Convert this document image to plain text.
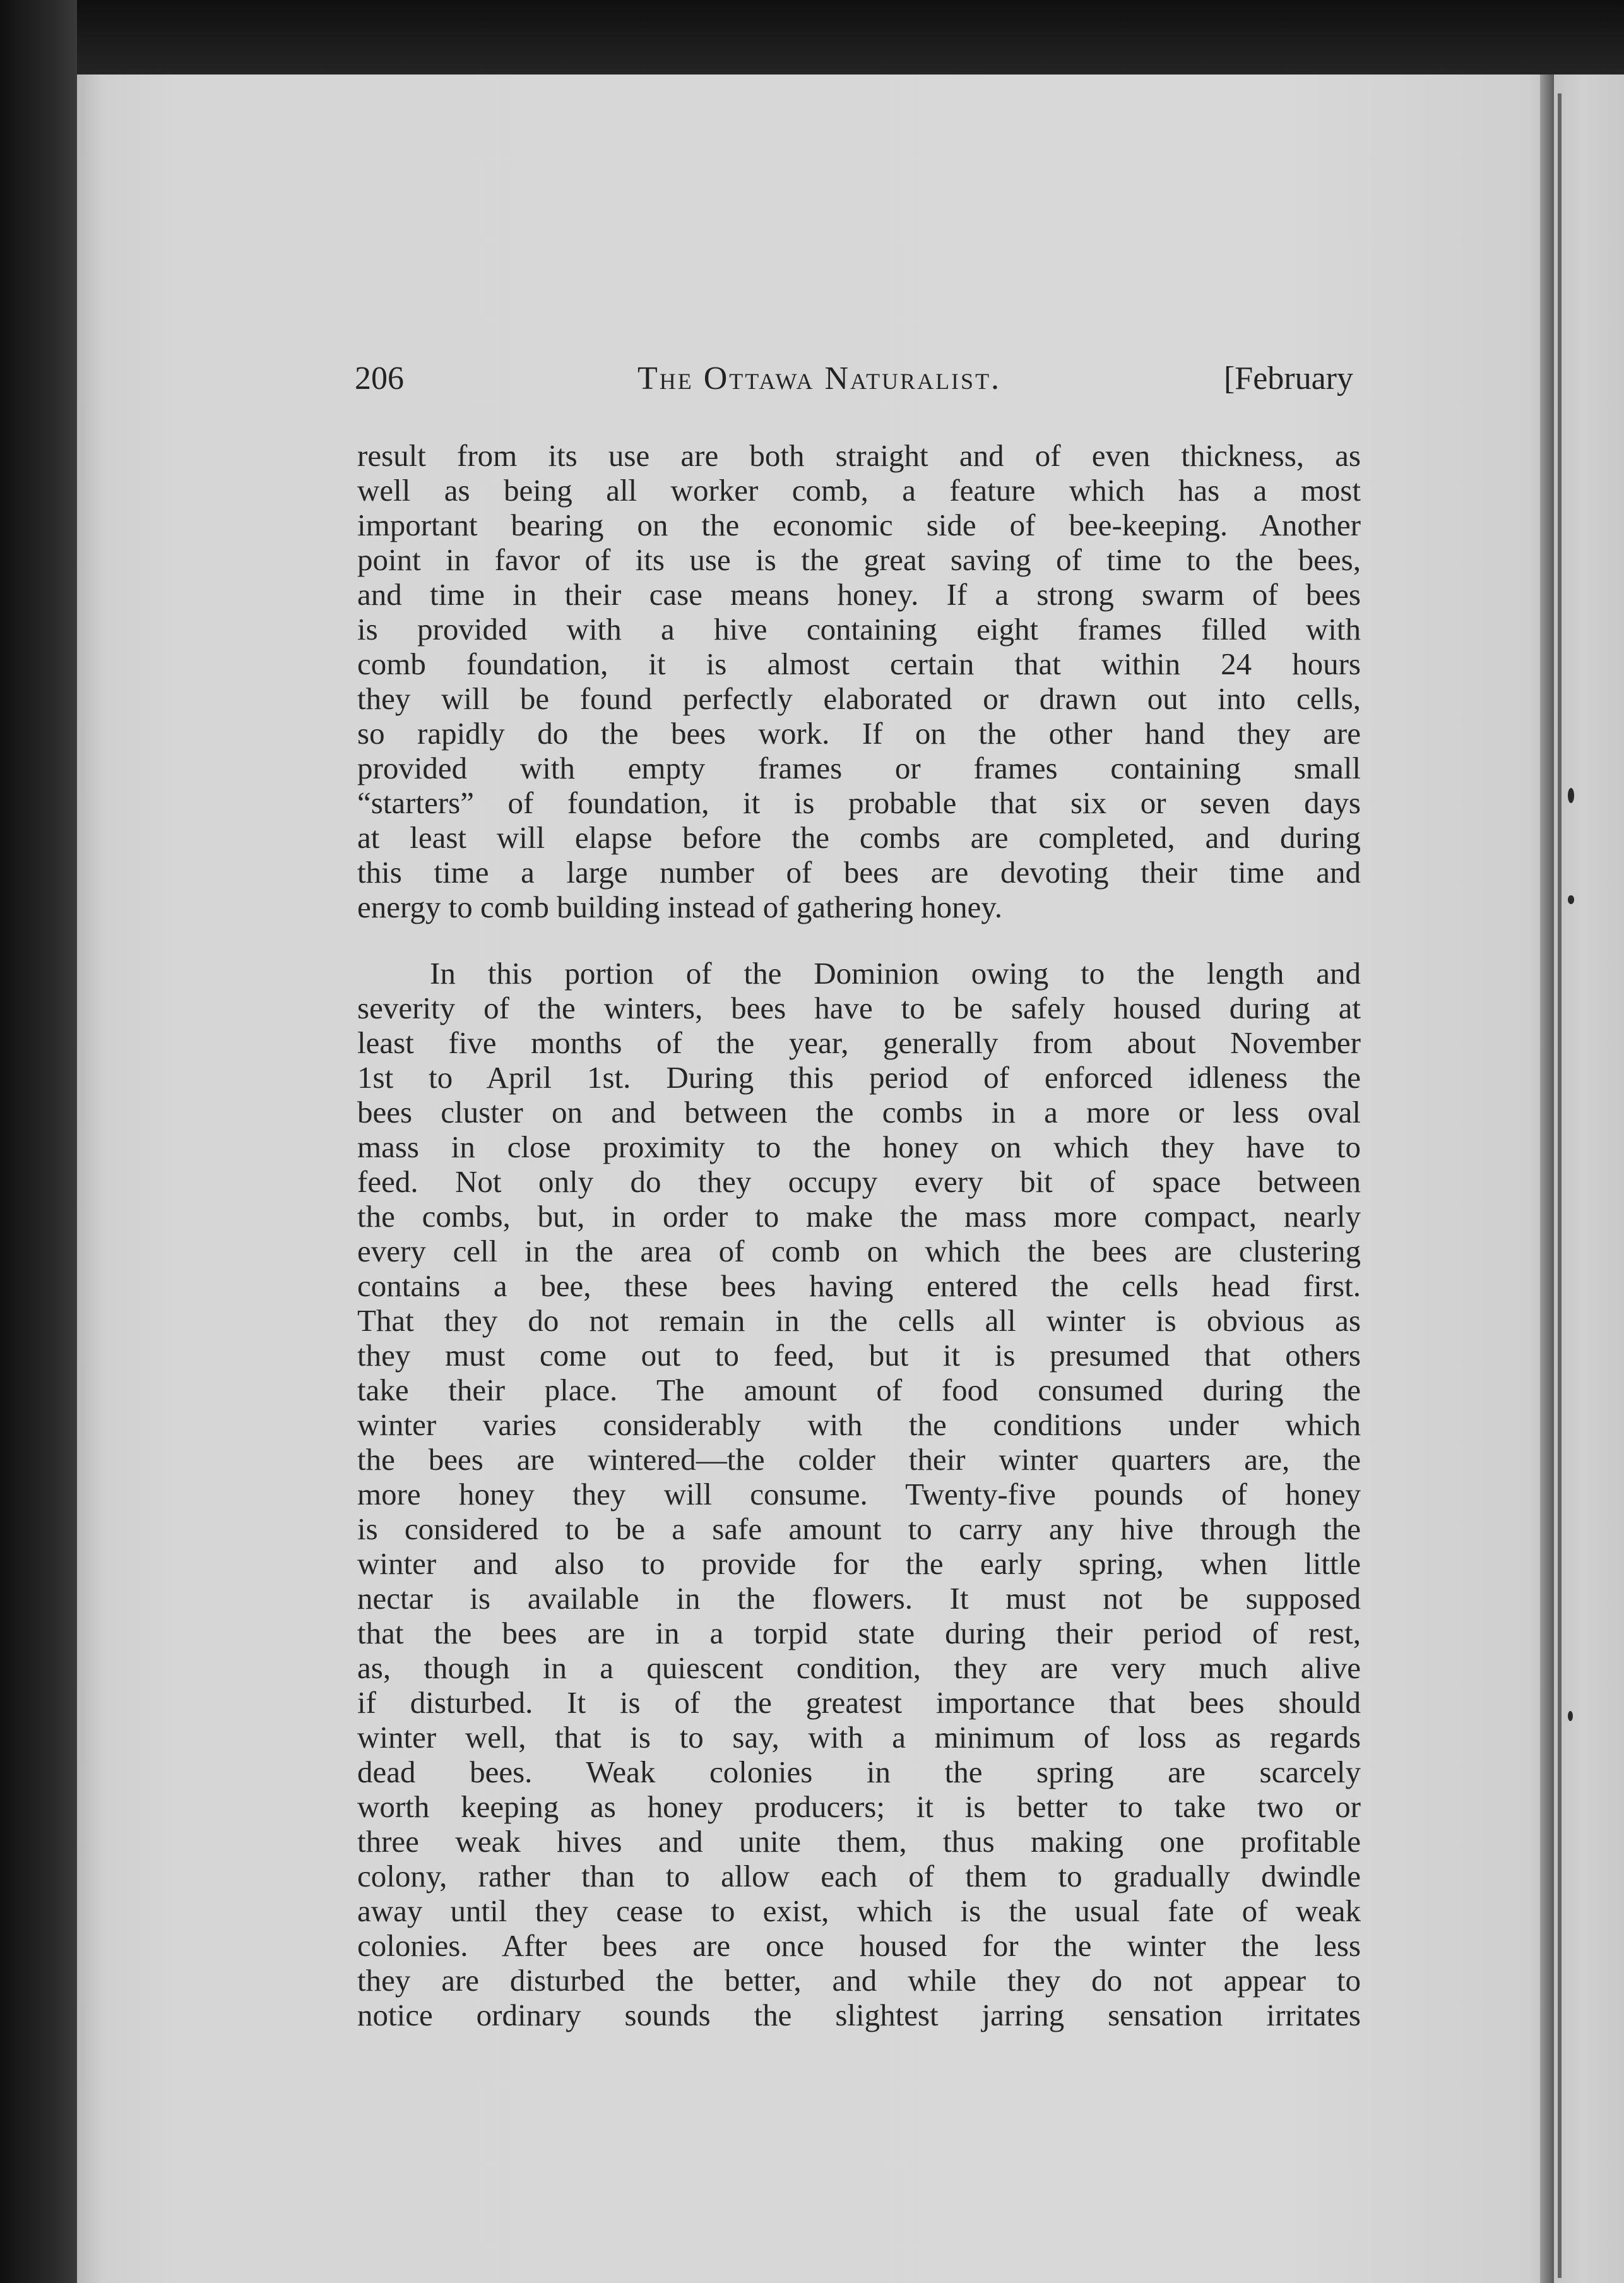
206	The Ottawa Naturalist.	[February
result from its use are both straight and of even thickness, as
well as being all worker comb, a feature which has a most
important bearing on the economic side of bee-keeping. Another
point in favor of its use is the great saving of time to the bees,
and time in their case means honey. If a strong swarm of bees
is provided with a hive containing eight frames filled with
comb foundation, it is almost certain that within 24 hours
they will be found perfectly elaborated or drawn out into cells,
so rapidly do the bees work. If on the other hand they are
provided with empty frames or frames containing small
“starters” of foundation, it is probable that six or seven days
at least will elapse before the combs are completed, and during
this time a large number of bees are devoting their time and
energy to comb building instead of gathering honey.
In this portion of the Dominion owing to the length and
severity of the winters, bees have to be safely housed during at
least five months of the year, generally from about November
1st to April 1st. During this period of enforced idleness the
bees cluster on and between the combs in a more or less oval
mass in close proximity to the honey on which they have to
feed. Not only do they occupy every bit of space between
the combs, but, in order to make the mass more compact, nearly
every cell in the area of comb on which the bees are clustering
contains a bee, these bees having entered the cells head first.
That they do not remain in the cells all winter is obvious as
they must come out to feed, but it is presumed that others
take their place. The amount of food consumed during the
winter varies considerably with the conditions under which
the bees are wintered—the colder their winter quarters are, the
more honey they will consume. Twenty-five pounds of honey
is considered to be a safe amount to carry any hive through the
winter and also to provide for the early spring, when little
nectar is available in the flowers. It must not be supposed
that the bees are in a torpid state during their period of rest,
as, though in a quiescent condition, they are very much alive
if disturbed. It is of the greatest importance that bees should
winter well, that is to say, with a minimum of loss as regards
dead bees. Weak colonies in the spring are scarcely
worth keeping as honey producers; it is better to take two or
three weak hives and unite them, thus making one profitable
colony, rather than to allow each of them to gradually dwindle
away until they cease to exist, which is the usual fate of weak
colonies. After bees are once housed for the winter the less
they are disturbed the better, and while they do not appear to
notice ordinary sounds the slightest jarring sensation irritates
